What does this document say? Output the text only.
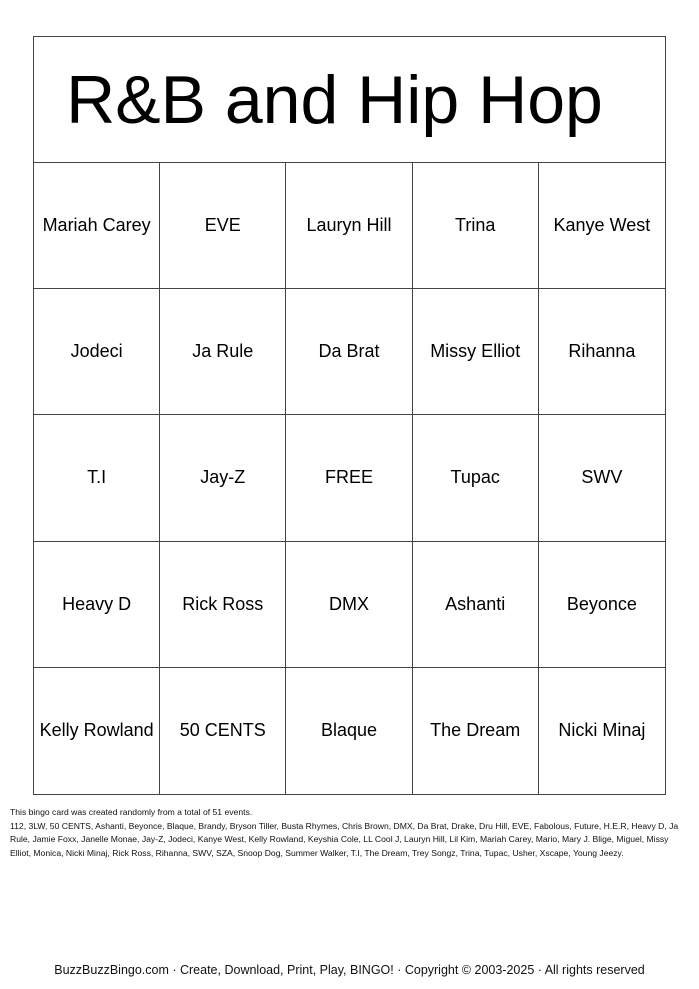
R&B and Hip Hop
Mariah Carey	EVE	Lauryn Hill	Trina	Kanye West
Jodeci	Ja Rule	Da Brat	Missy Elliot	Rihanna
T.I	Jay-Z	FREE	Tupac	SWV
Heavy D	Rick Ross	DMX	Ashanti	Beyonce
Kelly Rowland	50 CENTS	Blaque	The Dream	Nicki Minaj

This bingo card was created randomly from a total of 51 events.

112, 3LW, 50 CENTS, Ashanti, Beyonce, Blaque, Brandy, Bryson Tiller, Busta Rhymes, Chris Brown, DMX, Da Brat, Drake, Dru Hill, EVE, Fabolous, Future, H.E.R, Heavy D, Ja Rule, Jamie Foxx, Janelle Monae, Jay-Z, Jodeci, Kanye West, Kelly Rowland, Keyshia Cole, LL Cool J, Lauryn Hill, Lil Kim, Mariah Carey, Mario, Mary J. Blige, Miguel, Missy Elliot, Monica, Nicki Minaj, Rick Ross, Rihanna, SWV, SZA, Snoop Dog, Summer Walker, T.I, The Dream, Trey Songz, Trina, Tupac, Usher, Xscape, Young Jeezy.

BuzzBuzzBingo.com · Create, Download, Print, Play, BINGO! · Copyright © 2003-2025 · All rights reserved
